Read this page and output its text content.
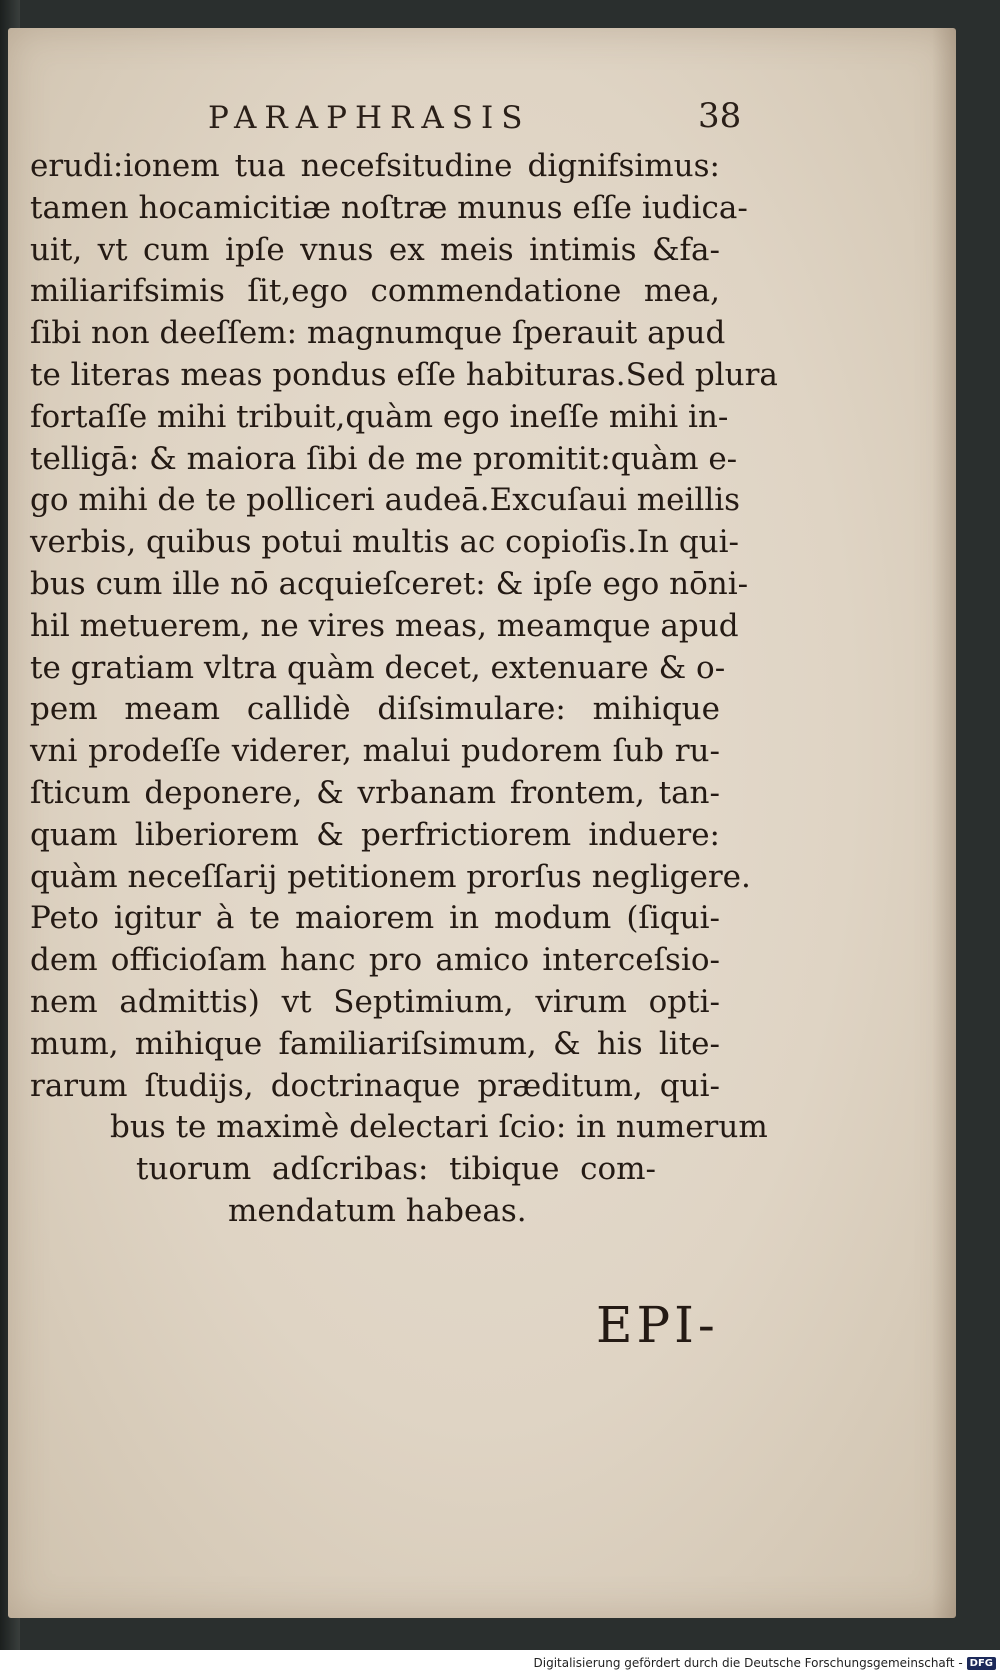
PARAPHRASIS	38
erudi:ionem tua necefsitudine dignifsimus:
tamen hocamicitiæ noſtræ munus eſſe iudica-
uit, vt cum ipſe vnus ex meis intimis &fa-
miliarifsimis ſit,ego commendatione mea,
ſibi non deeſſem: magnumque ſperauit apud
te literas meas pondus eſſe habituras.Sed plura
fortaſſe mihi tribuit,quàm ego ineſſe mihi in-
telligā: & maiora ſibi de me promitit:quàm e-
go mihi de te polliceri audeā.Excuſaui meillis
verbis, quibus potui multis ac copioſis.In qui-
bus cum ille nō acquieſceret: & ipſe ego nōni-
hil metuerem, ne vires meas, meamque apud
te gratiam vltra quàm decet, extenuare & o-
pem meam callidè diſsimulare: mihique
vni prodeſſe viderer, malui pudorem ſub ru-
ſticum deponere, & vrbanam frontem, tan-
quam liberiorem & perfrictiorem induere:
quàm neceſſarij petitionem prorſus negligere.
Peto igitur à te maiorem in modum (ſiqui-
dem officioſam hanc pro amico interceſsio-
nem admittis) vt Septimium, virum opti-
mum, mihique familiariſsimum, & his lite-
rarum ſtudijs, doctrinaque præditum, qui-
bus te maximè delectari ſcio: in numerum
tuorum adſcribas: tibique com-
mendatum habeas.
EPI-
Digitalisierung gefördert durch die Deutsche Forschungsgemeinschaft - DFG
